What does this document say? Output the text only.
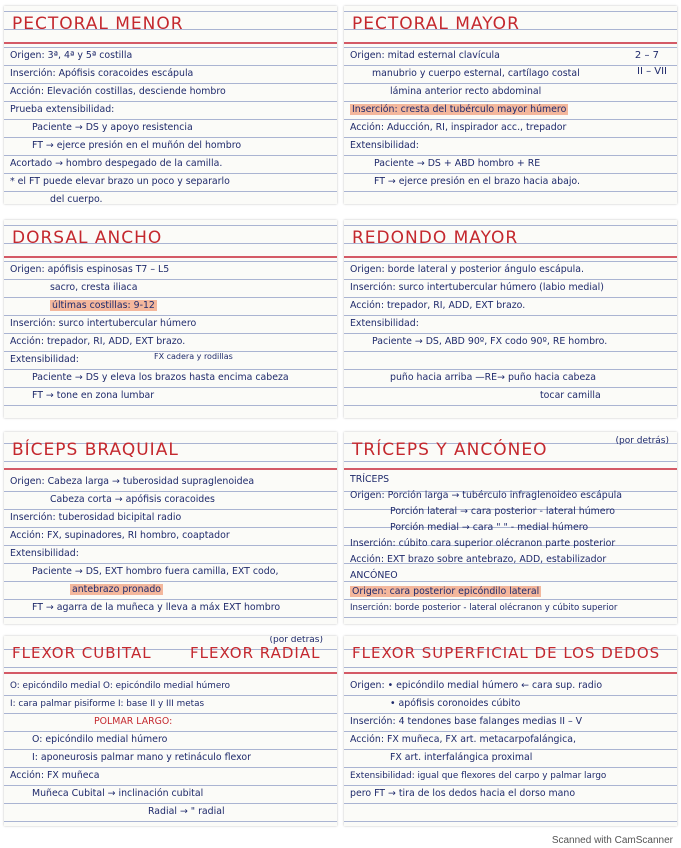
PECTORAL MENOR
Origen: 3ª, 4ª y 5ª costilla
Inserción: Apófisis coracoides escápula
Acción: Elevación costillas, desciende hombro
Prueba extensibilidad:
Paciente → DS y apoyo resistencia
FT → ejerce presión en el muñón del hombro
Acortado → hombro despegado de la camilla.
* el FT puede elevar brazo un poco y separarlo
del cuerpo.
PECTORAL MAYOR
2 – 7
II – VII
Origen: mitad esternal clavícula
manubrio y cuerpo esternal, cartílago costal
lámina anterior recto abdominal
Inserción: cresta del tubérculo mayor húmero
Acción: Aducción, RI, inspirador acc., trepador
Extensibilidad:
Paciente → DS + ABD hombro + RE
FT → ejerce presión en el brazo hacia abajo.
DORSAL ANCHO
FX cadera y rodillas
Origen: apófisis espinosas T7 – L5
sacro, cresta iliaca
últimas costillas: 9-12
Inserción: surco intertubercular húmero
Acción: trepador, RI, ADD, EXT brazo.
Extensibilidad:
Paciente → DS y eleva los brazos hasta encima cabeza
FT → tone en zona lumbar
REDONDO MAYOR
Origen: borde lateral y posterior ángulo escápula.
Inserción: surco intertubercular húmero (labio medial)
Acción: trepador, RI, ADD, EXT brazo.
Extensibilidad:
Paciente → DS, ABD 90º, FX codo 90º, RE hombro.
puño hacia arriba —RE→ puño hacia cabeza
tocar camilla
BÍCEPS BRAQUIAL
Origen: Cabeza larga → tuberosidad supraglenoidea
Cabeza corta → apófisis coracoides
Inserción: tuberosidad bicipital radio
Acción: FX, supinadores, RI hombro, coaptador
Extensibilidad:
Paciente → DS, EXT hombro fuera camilla, EXT codo,
antebrazo pronado
FT → agarra de la muñeca y lleva a máx EXT hombro
TRÍCEPS Y ANCÓNEO	(por detrás)
TRÍCEPS
Origen: Porción larga → tubérculo infraglenoideo escápula
Porción lateral → cara posterior - lateral húmero
Porción medial → cara " " - medial húmero
Inserción: cúbito cara superior olécranon parte posterior
Acción: EXT brazo sobre antebrazo, ADD, estabilizador
ANCÓNEO
Origen: cara posterior epicóndilo lateral
Inserción: borde posterior - lateral olécranon y cúbito superior
FLEXOR CUBITAL	FLEXOR RADIAL
(por detrás)
O: epicóndilo medial O: epicóndilo medial húmero
I: cara palmar pisiforme I: base II y III metas
POLMAR LARGO:
O: epicóndilo medial húmero
I: aponeurosis palmar mano y retináculo flexor
Acción: FX muñeca
Muñeca Cubital → inclinación cubital
Radial → " radial
FLEXOR SUPERFICIAL DE LOS DEDOS
Origen: • epicóndilo medial húmero ← cara sup. radio
• apófisis coronoides cúbito
Inserción: 4 tendones base falanges medias II – V
Acción: FX muñeca, FX art. metacarpofalángica,
FX art. interfalángica proximal
Extensibilidad: igual que flexores del carpo y palmar largo
pero FT → tira de los dedos hacia el dorso mano
Scanned with CamScanner
